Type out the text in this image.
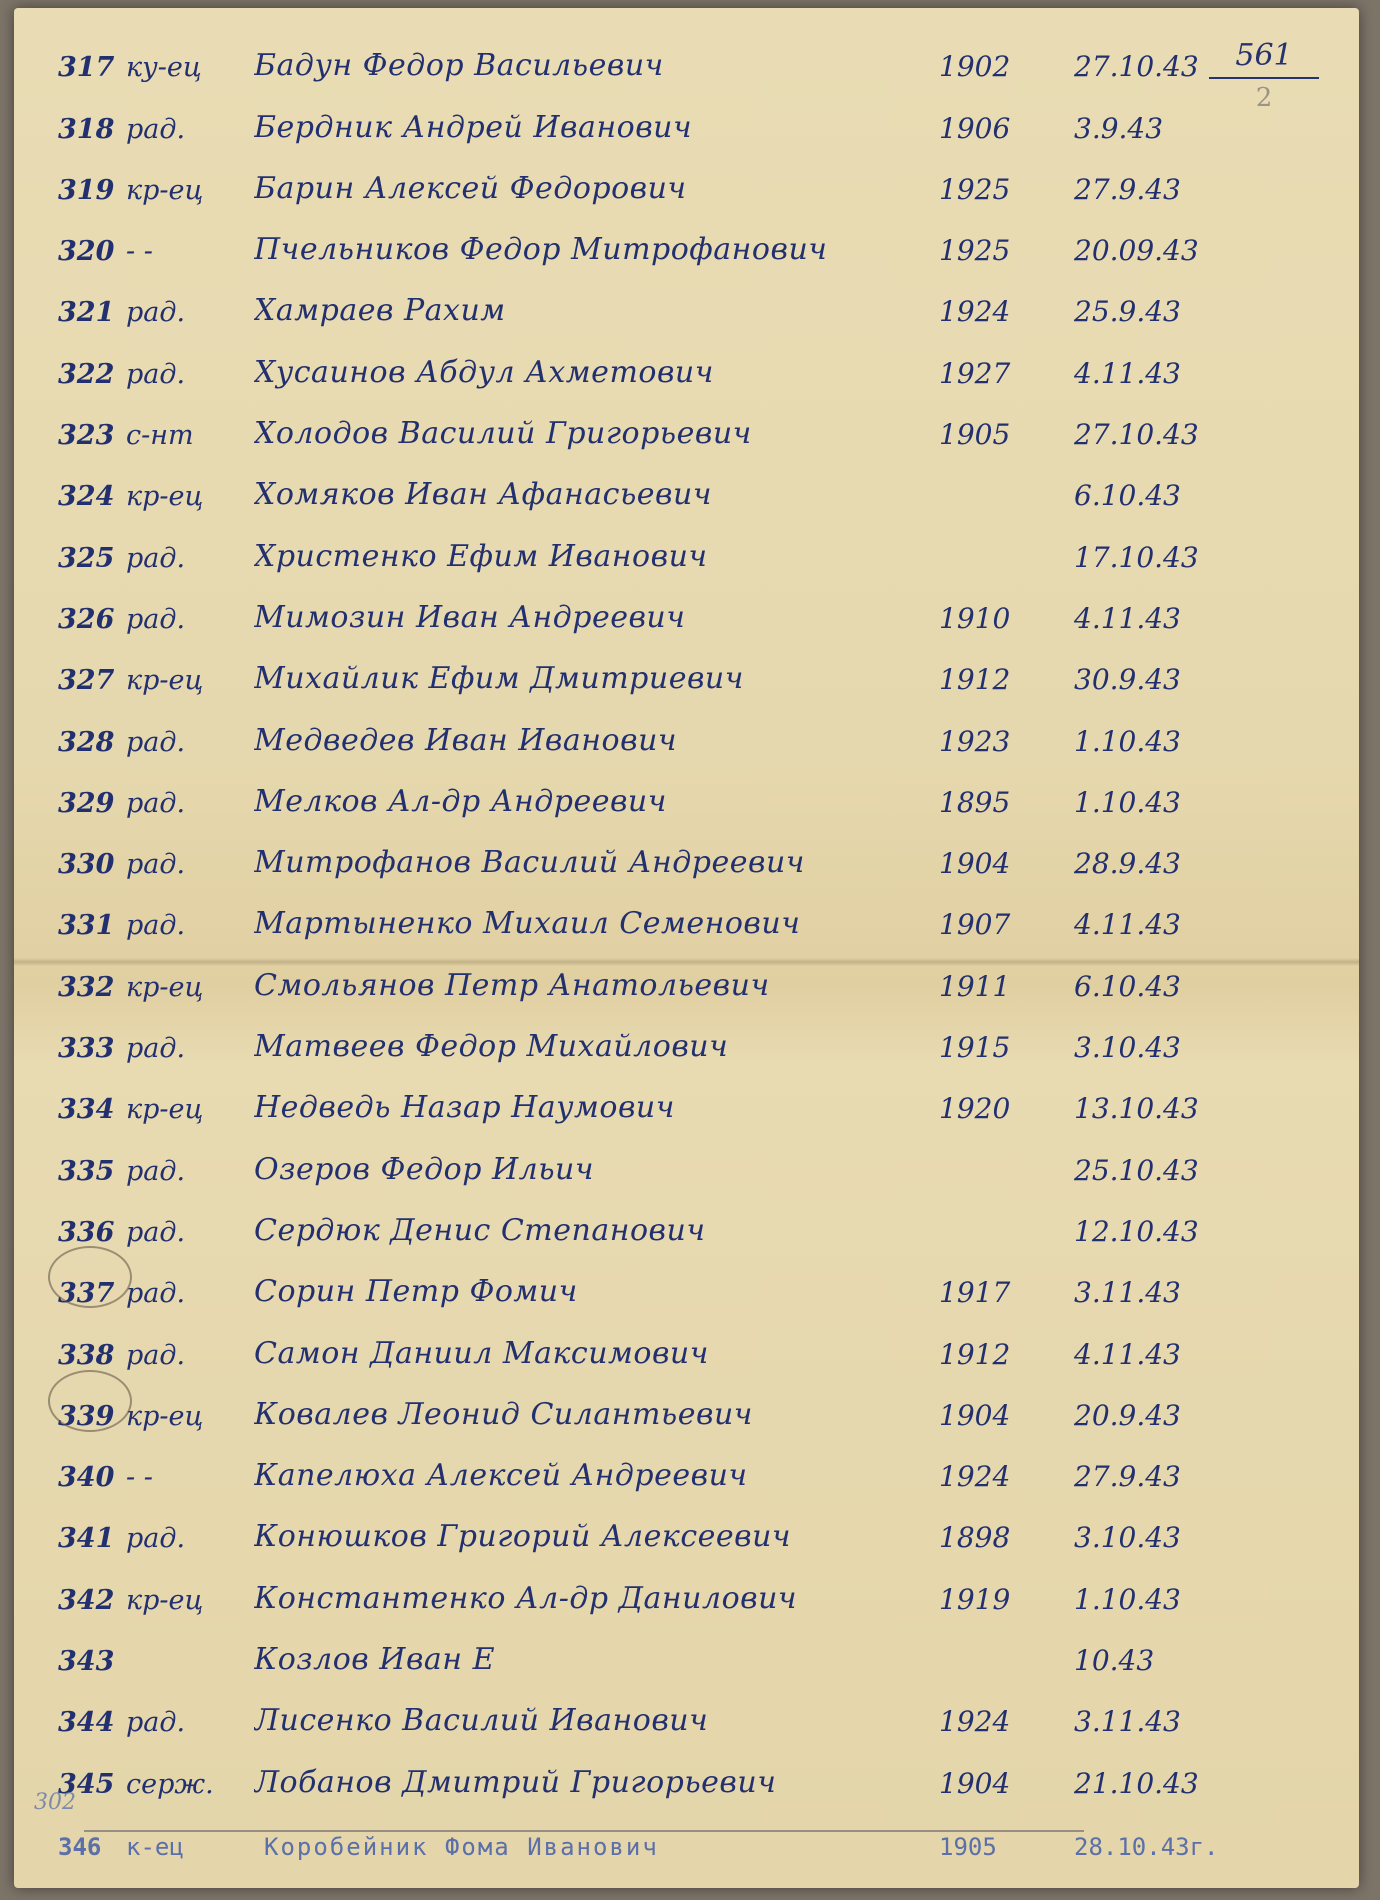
561
2
317 ку-ец	Бадун Федор Васильевич	1902	27.10.43
318 рад.	Бердник Андрей Иванович	1906	3.9.43
319 кр-ец	Барин Алексей Федорович	1925	27.9.43
320 - -	Пчельников Федор Митрофанович	1925	20.09.43
321 рад.	Хамраев Рахим	1924	25.9.43
322 рад.	Хусаинов Абдул Ахметович	1927	4.11.43
323 с-нт	Холодов Василий Григорьевич	1905	27.10.43
324 кр-ец	Хомяков Иван Афанасьевич	6.10.43
325 рад.	Христенко Ефим Иванович	17.10.43
326 рад.	Мимозин Иван Андреевич	1910	4.11.43
327 кр-ец	Михайлик Ефим Дмитриевич	1912	30.9.43
328 рад.	Медведев Иван Иванович	1923	1.10.43
329 рад.	Мелков Ал-др Андреевич	1895	1.10.43
330 рад.	Митрофанов Василий Андреевич	1904	28.9.43
331 рад.	Мартыненко Михаил Семенович	1907	4.11.43
332 кр-ец	Смольянов Петр Анатольевич	1911	6.10.43
333 рад.	Матвеев Федор Михайлович	1915	3.10.43
334 кр-ец	Недведь Назар Наумович	1920	13.10.43
335 рад.	Озеров Федор Ильич	25.10.43
336 рад.	Сердюк Денис Степанович	12.10.43
337 рад.	Сорин Петр Фомич	1917	3.11.43
338 рад.	Самон Даниил Максимович	1912	4.11.43
339 кр-ец	Ковалев Леонид Силантьевич	1904	20.9.43
340 - -	Капелюха Алексей Андреевич	1924	27.9.43
341 рад.	Конюшков Григорий Алексеевич	1898	3.10.43
342 кр-ец	Константенко Ал-др Данилович	1919	1.10.43
343	Козлов Иван Е	10.43
344 рад.	Лисенко Василий Иванович	1924	3.11.43
345 серж.	Лобанов Дмитрий Григорьевич	1904	21.10.43
346	к-ец	Коробейник Фома Иванович	1905	28.10.43г.
302
